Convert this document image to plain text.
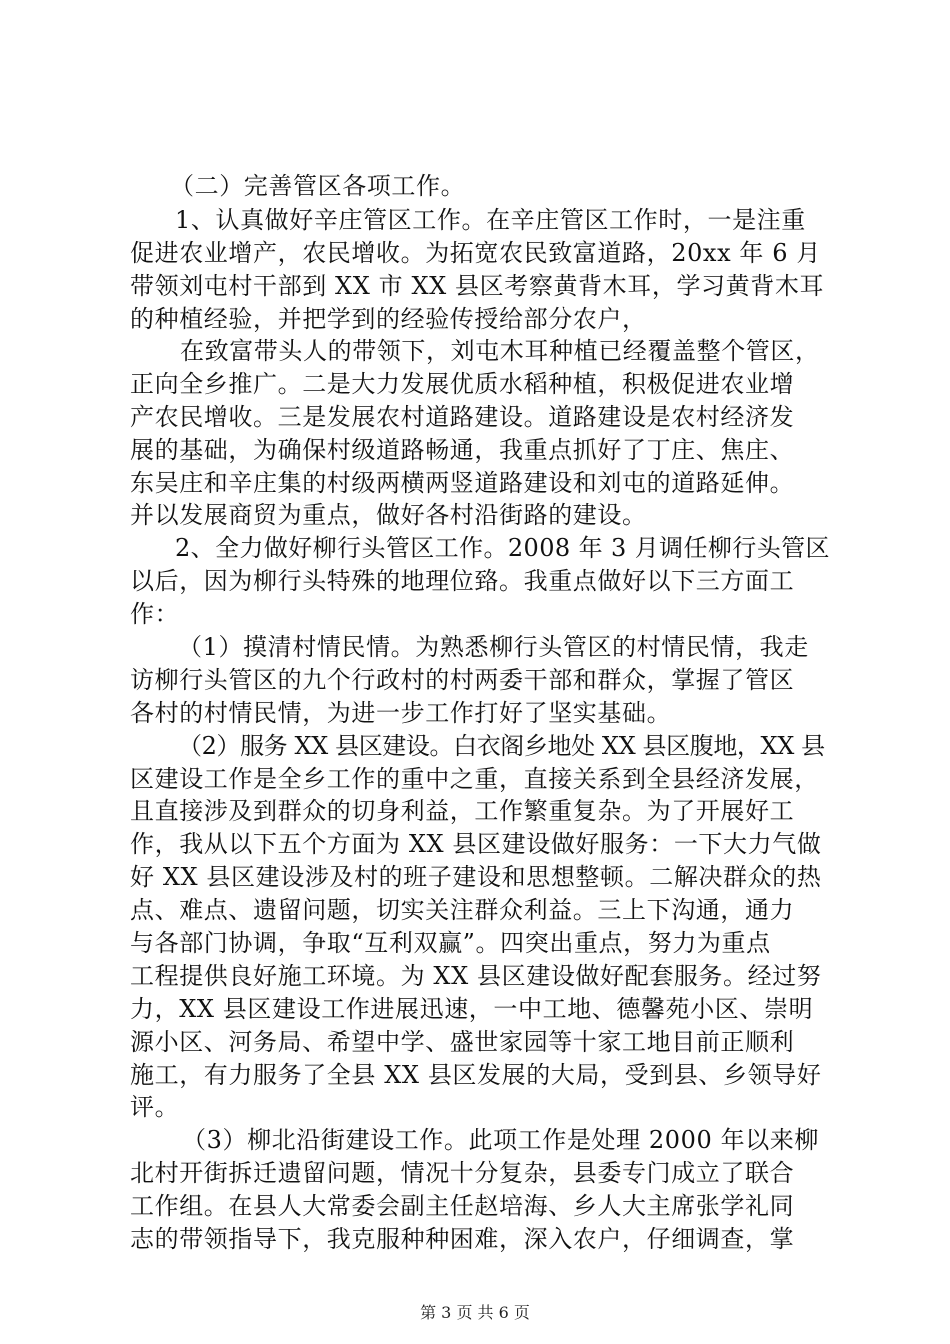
（二）完善管区各项工作。
1、认真做好辛庄管区工作。在辛庄管区工作时，一是注重
促进农业增产，农民增收。为拓宽农民致富道路，20xx 年 6 月
带领刘屯村干部到 XX 市 XX 县区考察黄背木耳，学习黄背木耳
的种植经验，并把学到的经验传授给部分农户，
在致富带头人的带领下，刘屯木耳种植已经覆盖整个管区，
正向全乡推广。二是大力发展优质水稻种植，积极促进农业增
产农民增收。三是发展农村道路建设。道路建设是农村经济发
展的基础，为确保村级道路畅通，我重点抓好了丁庄、焦庄、
东吴庄和辛庄集的村级两横两竖道路建设和刘屯的道路延伸。
并以发展商贸为重点，做好各村沿街路的建设。
2、全力做好柳行头管区工作。2008 年 3 月调任柳行头管区
以后，因为柳行头特殊的地理位臵。我重点做好以下三方面工
作：
（1）摸清村情民情。为熟悉柳行头管区的村情民情，我走
访柳行头管区的九个行政村的村两委干部和群众，掌握了管区
各村的村情民情，为进一步工作打好了坚实基础。
（2）服务 XX 县区建设。白衣阁乡地处 XX 县区腹地，XX 县
区建设工作是全乡工作的重中之重，直接关系到全县经济发展，
且直接涉及到群众的切身利益，工作繁重复杂。为了开展好工
作，我从以下五个方面为 XX 县区建设做好服务：一下大力气做
好 XX 县区建设涉及村的班子建设和思想整顿。二解决群众的热
点、难点、遗留问题，切实关注群众利益。三上下沟通，通力
与各部门协调，争取“互利双赢”。四突出重点，努力为重点
工程提供良好施工环境。为 XX 县区建设做好配套服务。经过努
力，XX 县区建设工作进展迅速，一中工地、德馨苑小区、崇明
源小区、河务局、希望中学、盛世家园等十家工地目前正顺利
施工，有力服务了全县 XX 县区发展的大局，受到县、乡领导好
评。
（3）柳北沿街建设工作。此项工作是处理 2000 年以来柳
北村开街拆迁遗留问题，情况十分复杂，县委专门成立了联合
工作组。在县人大常委会副主任赵培海、乡人大主席张学礼同
志的带领指导下，我克服种种困难，深入农户，仔细调查，掌
第 3 页 共 6 页
